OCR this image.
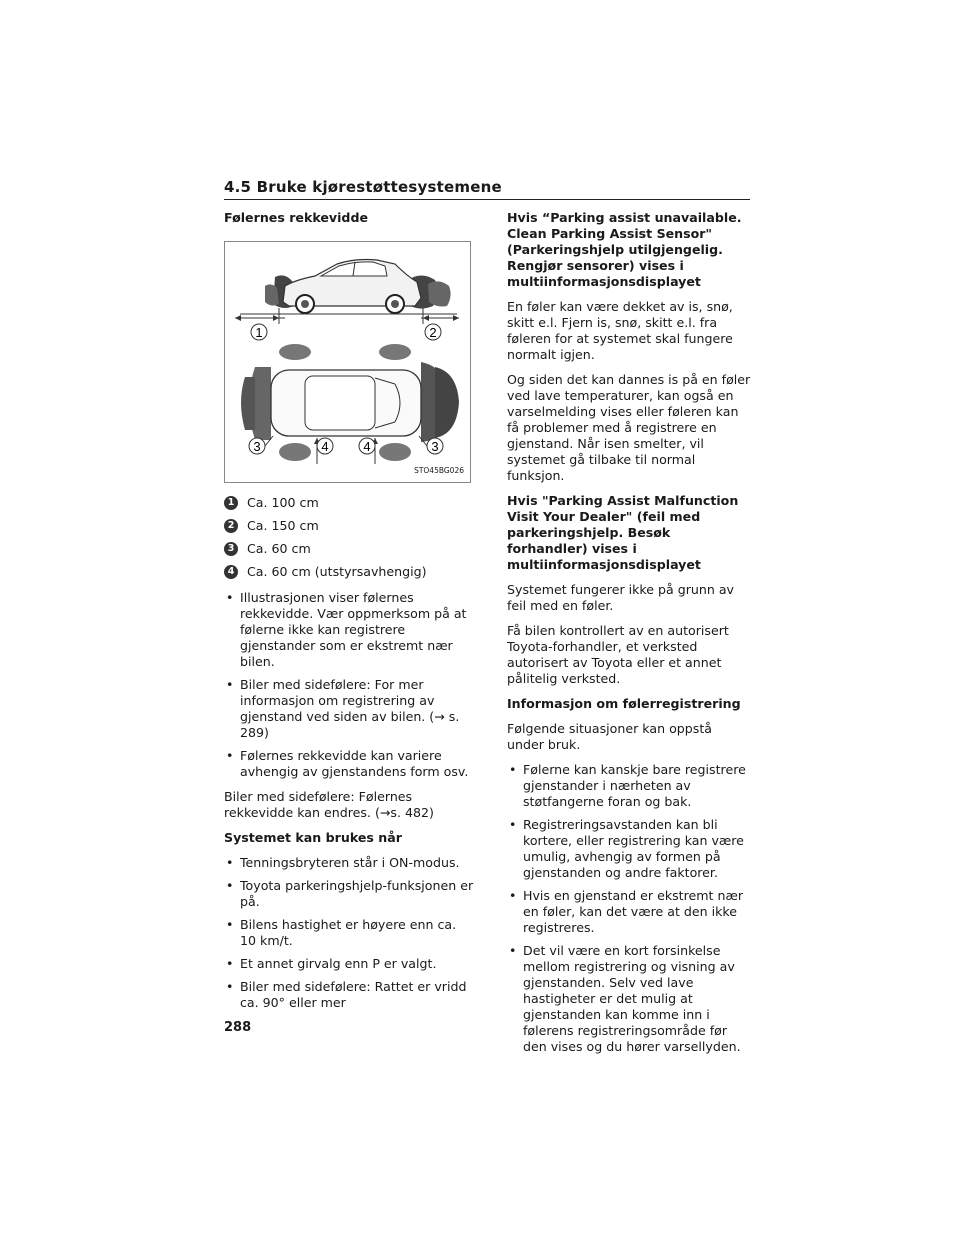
4.5 Bruke kjørestøttesystemene
Følernes rekkevidde
1	2
3	4	4	3
STO45BG026
1 Ca. 100 cm
2 Ca. 150 cm
3 Ca. 60 cm
4 Ca. 60 cm (utstyrsavhengig)
• Illustrasjonen viser følernes rekkevidde. Vær oppmerksom på at følerne ikke kan registrere gjenstander som er ekstremt nær bilen.
• Biler med sidefølere: For mer informasjon om registrering av gjenstand ved siden av bilen. (→ s. 289)
• Følernes rekkevidde kan variere avhengig av gjenstandens form osv.
Biler med sidefølere: Følernes rekkevidde kan endres. (→s. 482)
Systemet kan brukes når
• Tenningsbryteren står i ON-modus.
• Toyota parkeringshjelp-funksjonen er på.
• Bilens hastighet er høyere enn ca. 10 km/t.
• Et annet girvalg enn P er valgt.
• Biler med sidefølere: Rattet er vridd ca. 90° eller mer
Hvis “Parking assist unavailable. Clean Parking Assist Sensor" (Parkeringshjelp utilgjengelig. Rengjør sensorer) vises i multiinformasjonsdisplayet
En føler kan være dekket av is, snø, skitt e.l. Fjern is, snø, skitt e.l. fra føleren for at systemet skal fungere normalt igjen.
Og siden det kan dannes is på en føler ved lave temperaturer, kan også en varselmelding vises eller føleren kan få problemer med å registrere en gjenstand. Når isen smelter, vil systemet gå tilbake til normal funksjon.
Hvis "Parking Assist Malfunction Visit Your Dealer" (feil med parkeringshjelp. Besøk forhandler) vises i multiinformasjonsdisplayet
Systemet fungerer ikke på grunn av feil med en føler.
Få bilen kontrollert av en autorisert Toyota-forhandler, et verksted autorisert av Toyota eller et annet pålitelig verksted.
Informasjon om følerregistrering
Følgende situasjoner kan oppstå under bruk.
• Følerne kan kanskje bare registrere gjenstander i nærheten av støtfangerne foran og bak.
• Registreringsavstanden kan bli kortere, eller registrering kan være umulig, avhengig av formen på gjenstanden og andre faktorer.
• Hvis en gjenstand er ekstremt nær en føler, kan det være at den ikke registreres.
• Det vil være en kort forsinkelse mellom registrering og visning av gjenstanden. Selv ved lave hastigheter er det mulig at gjenstanden kan komme inn i følerens registreringsområde før den vises og du hører varsellyden.
288
